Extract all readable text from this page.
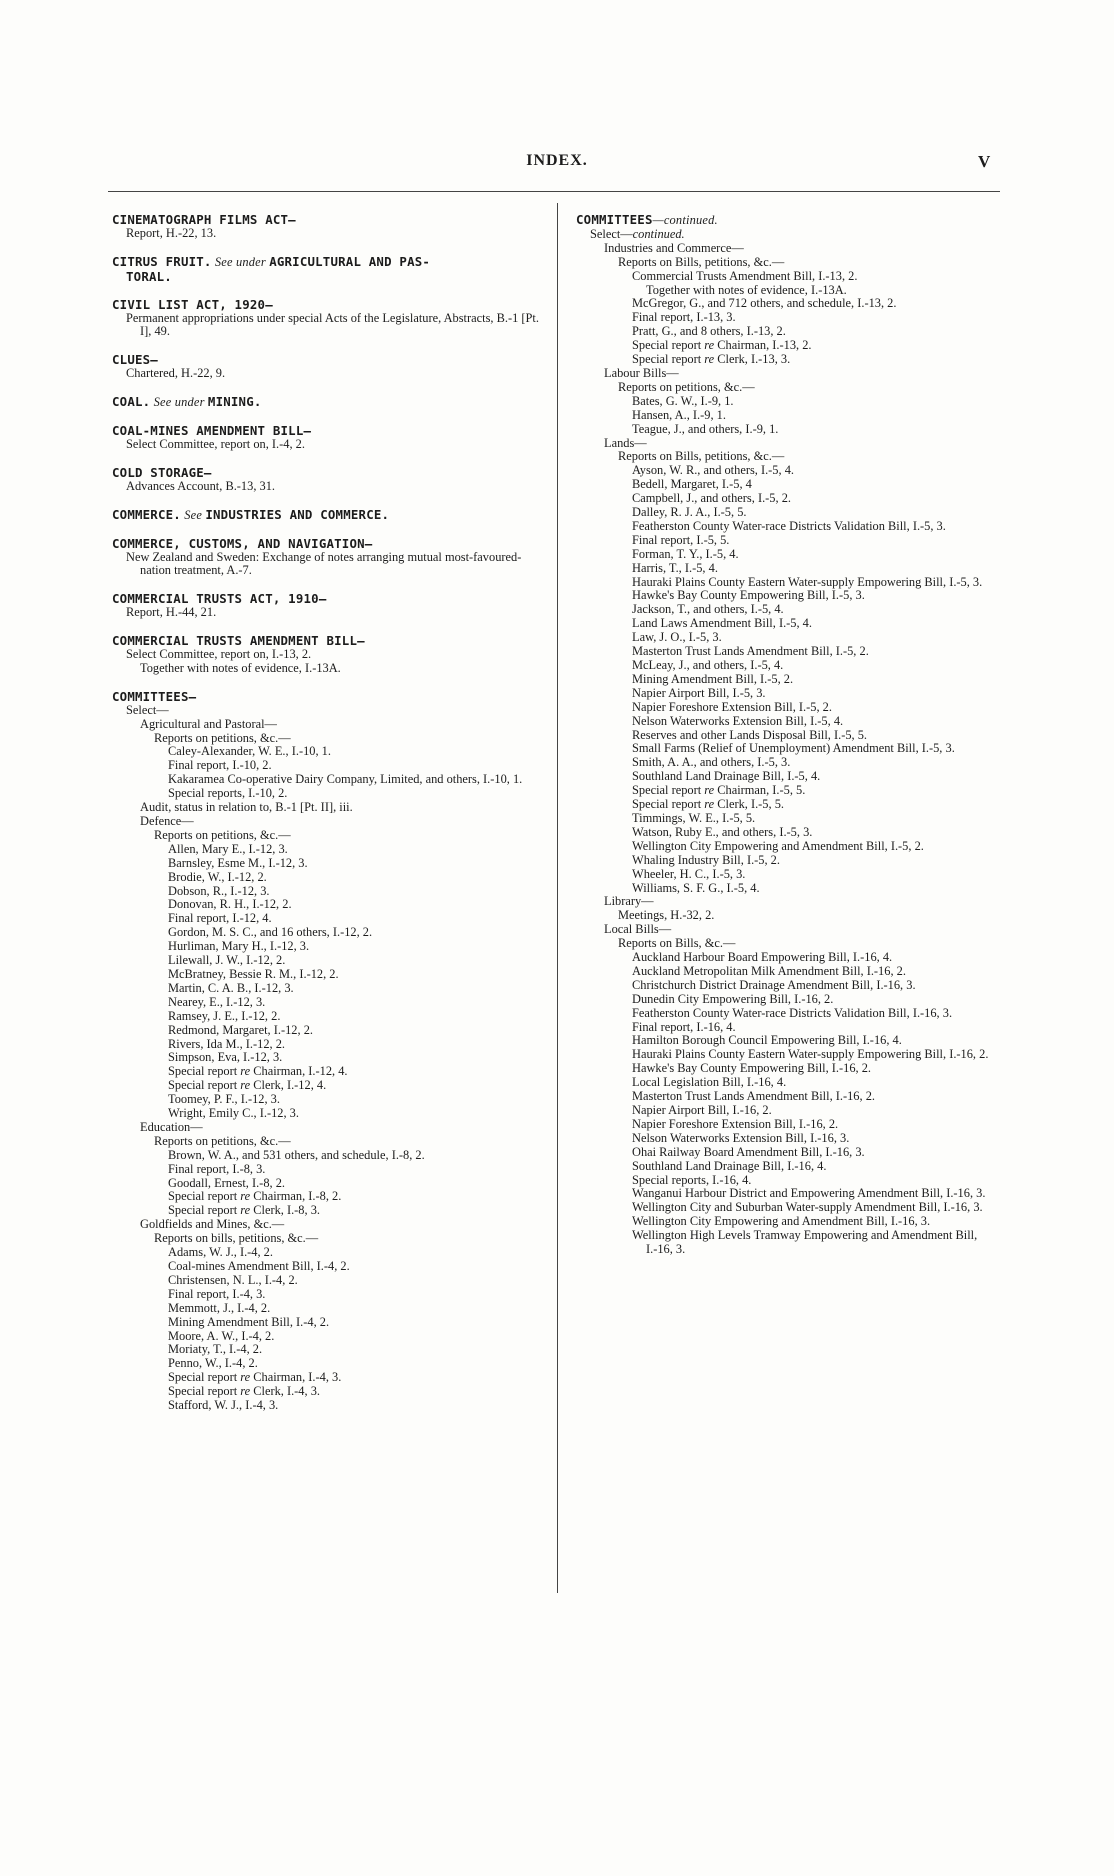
INDEX.	V
CINEMATOGRAPH FILMS ACT—
Report, H.-22, 13.
CITRUS FRUIT. See under AGRICULTURAL AND PAS-
TORAL.
CIVIL LIST ACT, 1920—
Permanent appropriations under special Acts of the Legislature, Abstracts, B.-1 [Pt. I], 49.
CLUES—
Chartered, H.-22, 9.
COAL. See under MINING.
COAL-MINES AMENDMENT BILL—
Select Committee, report on, I.-4, 2.
COLD STORAGE—
Advances Account, B.-13, 31.
COMMERCE. See INDUSTRIES AND COMMERCE.
COMMERCE, CUSTOMS, AND NAVIGATION—
New Zealand and Sweden: Exchange of notes arranging mutual most-favoured-nation treatment, A.-7.
COMMERCIAL TRUSTS ACT, 1910—
Report, H.-44, 21.
COMMERCIAL TRUSTS AMENDMENT BILL—
Select Committee, report on, I.-13, 2.
Together with notes of evidence, I.-13A.
COMMITTEES—
Select—
Agricultural and Pastoral—
Reports on petitions, &c.—
Caley-Alexander, W. E., I.-10, 1.
Final report, I.-10, 2.
Kakaramea Co-operative Dairy Company, Limited, and others, I.-10, 1.
Special reports, I.-10, 2.
Audit, status in relation to, B.-1 [Pt. II], iii.
Defence—
Reports on petitions, &c.—
Allen, Mary E., I.-12, 3.
Barnsley, Esme M., I.-12, 3.
Brodie, W., I.-12, 2.
Dobson, R., I.-12, 3.
Donovan, R. H., I.-12, 2.
Final report, I.-12, 4.
Gordon, M. S. C., and 16 others, I.-12, 2.
Hurliman, Mary H., I.-12, 3.
Lilewall, J. W., I.-12, 2.
McBratney, Bessie R. M., I.-12, 2.
Martin, C. A. B., I.-12, 3.
Nearey, E., I.-12, 3.
Ramsey, J. E., I.-12, 2.
Redmond, Margaret, I.-12, 2.
Rivers, Ida M., I.-12, 2.
Simpson, Eva, I.-12, 3.
Special report re Chairman, I.-12, 4.
Special report re Clerk, I.-12, 4.
Toomey, P. F., I.-12, 3.
Wright, Emily C., I.-12, 3.
Education—
Reports on petitions, &c.—
Brown, W. A., and 531 others, and schedule, I.-8, 2.
Final report, I.-8, 3.
Goodall, Ernest, I.-8, 2.
Special report re Chairman, I.-8, 2.
Special report re Clerk, I.-8, 3.
Goldfields and Mines, &c.—
Reports on bills, petitions, &c.—
Adams, W. J., I.-4, 2.
Coal-mines Amendment Bill, I.-4, 2.
Christensen, N. L., I.-4, 2.
Final report, I.-4, 3.
Memmott, J., I.-4, 2.
Mining Amendment Bill, I.-4, 2.
Moore, A. W., I.-4, 2.
Moriaty, T., I.-4, 2.
Penno, W., I.-4, 2.
Special report re Chairman, I.-4, 3.
Special report re Clerk, I.-4, 3.
Stafford, W. J., I.-4, 3.
COMMITTEES—continued.
Select—continued.
Industries and Commerce—
Reports on Bills, petitions, &c.—
Commercial Trusts Amendment Bill, I.-13, 2.
Together with notes of evidence, I.-13A.
McGregor, G., and 712 others, and schedule, I.-13, 2.
Final report, I.-13, 3.
Pratt, G., and 8 others, I.-13, 2.
Special report re Chairman, I.-13, 2.
Special report re Clerk, I.-13, 3.
Labour Bills—
Reports on petitions, &c.—
Bates, G. W., I.-9, 1.
Hansen, A., I.-9, 1.
Teague, J., and others, I.-9, 1.
Lands—
Reports on Bills, petitions, &c.—
Ayson, W. R., and others, I.-5, 4.
Bedell, Margaret, I.-5, 4
Campbell, J., and others, I.-5, 2.
Dalley, R. J. A., I.-5, 5.
Featherston County Water-race Districts Validation Bill, I.-5, 3.
Final report, I.-5, 5.
Forman, T. Y., I.-5, 4.
Harris, T., I.-5, 4.
Hauraki Plains County Eastern Water-supply Empowering Bill, I.-5, 3.
Hawke's Bay County Empowering Bill, I.-5, 3.
Jackson, T., and others, I.-5, 4.
Land Laws Amendment Bill, I.-5, 4.
Law, J. O., I.-5, 3.
Masterton Trust Lands Amendment Bill, I.-5, 2.
McLeay, J., and others, I.-5, 4.
Mining Amendment Bill, I.-5, 2.
Napier Airport Bill, I.-5, 3.
Napier Foreshore Extension Bill, I.-5, 2.
Nelson Waterworks Extension Bill, I.-5, 4.
Reserves and other Lands Disposal Bill, I.-5, 5.
Small Farms (Relief of Unemployment) Amendment Bill, I.-5, 3.
Smith, A. A., and others, I.-5, 3.
Southland Land Drainage Bill, I.-5, 4.
Special report re Chairman, I.-5, 5.
Special report re Clerk, I.-5, 5.
Timmings, W. E., I.-5, 5.
Watson, Ruby E., and others, I.-5, 3.
Wellington City Empowering and Amendment Bill, I.-5, 2.
Whaling Industry Bill, I.-5, 2.
Wheeler, H. C., I.-5, 3.
Williams, S. F. G., I.-5, 4.
Library—
Meetings, H.-32, 2.
Local Bills—
Reports on Bills, &c.—
Auckland Harbour Board Empowering Bill, I.-16, 4.
Auckland Metropolitan Milk Amendment Bill, I.-16, 2.
Christchurch District Drainage Amendment Bill, I.-16, 3.
Dunedin City Empowering Bill, I.-16, 2.
Featherston County Water-race Districts Validation Bill, I.-16, 3.
Final report, I.-16, 4.
Hamilton Borough Council Empowering Bill, I.-16, 4.
Hauraki Plains County Eastern Water-supply Empowering Bill, I.-16, 2.
Hawke's Bay County Empowering Bill, I.-16, 2.
Local Legislation Bill, I.-16, 4.
Masterton Trust Lands Amendment Bill, I.-16, 2.
Napier Airport Bill, I.-16, 2.
Napier Foreshore Extension Bill, I.-16, 2.
Nelson Waterworks Extension Bill, I.-16, 3.
Ohai Railway Board Amendment Bill, I.-16, 3.
Southland Land Drainage Bill, I.-16, 4.
Special reports, I.-16, 4.
Wanganui Harbour District and Empowering Amendment Bill, I.-16, 3.
Wellington City and Suburban Water-supply Amendment Bill, I.-16, 3.
Wellington City Empowering and Amendment Bill, I.-16, 3.
Wellington High Levels Tramway Empowering and Amendment Bill, I.-16, 3.
